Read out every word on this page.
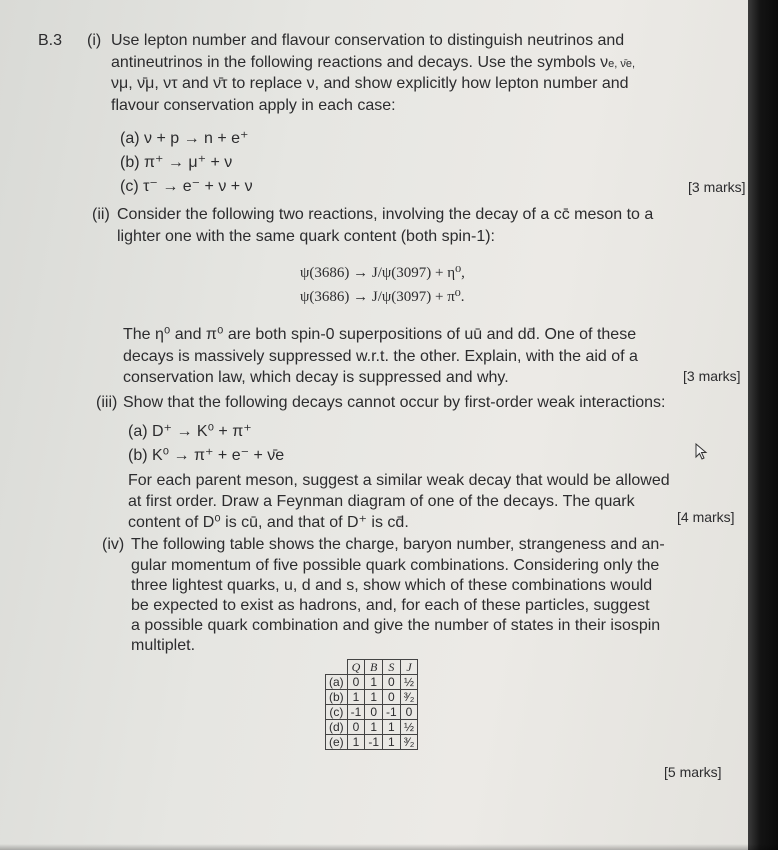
B.3 (i) Use lepton number and flavour conservation to distinguish neutrinos and
antineutrinos in the following reactions and decays. Use the symbols νe, ν̄e,
νμ, ν̄μ, ντ and ν̄τ to replace ν, and show explicitly how lepton number and
flavour conservation apply in each case:
(a) ν + p → n + e⁺
(b) π⁺ → μ⁺ + ν
(c) τ⁻ → e⁻ + ν + ν	[3 marks]
(ii) Consider the following two reactions, involving the decay of a cc̄ meson to a
lighter one with the same quark content (both spin-1):
ψ(3686) → J/ψ(3097) + η⁰,
ψ(3686) → J/ψ(3097) + π⁰.
The η⁰ and π⁰ are both spin-0 superpositions of uū and dd̄. One of these
decays is massively suppressed w.r.t. the other. Explain, with the aid of a
conservation law, which decay is suppressed and why.	[3 marks]
(iii) Show that the following decays cannot occur by first-order weak interactions:
(a) D⁺ → K⁰ + π⁺
(b) K⁰ → π⁺ + e⁻ + ν̄e
For each parent meson, suggest a similar weak decay that would be allowed
at first order. Draw a Feynman diagram of one of the decays. The quark
content of D⁰ is cū, and that of D⁺ is cd̄.	[4 marks]
(iv) The following table shows the charge, baryon number, strangeness and an-
gular momentum of five possible quark combinations. Considering only the
three lightest quarks, u, d and s, show which of these combinations would
be expected to exist as hadrons, and, for each of these particles, suggest
a possible quark combination and give the number of states in their isospin
multiplet.
	Q	B	S	J
(a)	0	1	0	½
(b)	1	1	0	³⁄₂
(c)	-1	0	-1	0
(d)	0	1	1	½
(e)	1	-1	1	³⁄₂
[5 marks]
